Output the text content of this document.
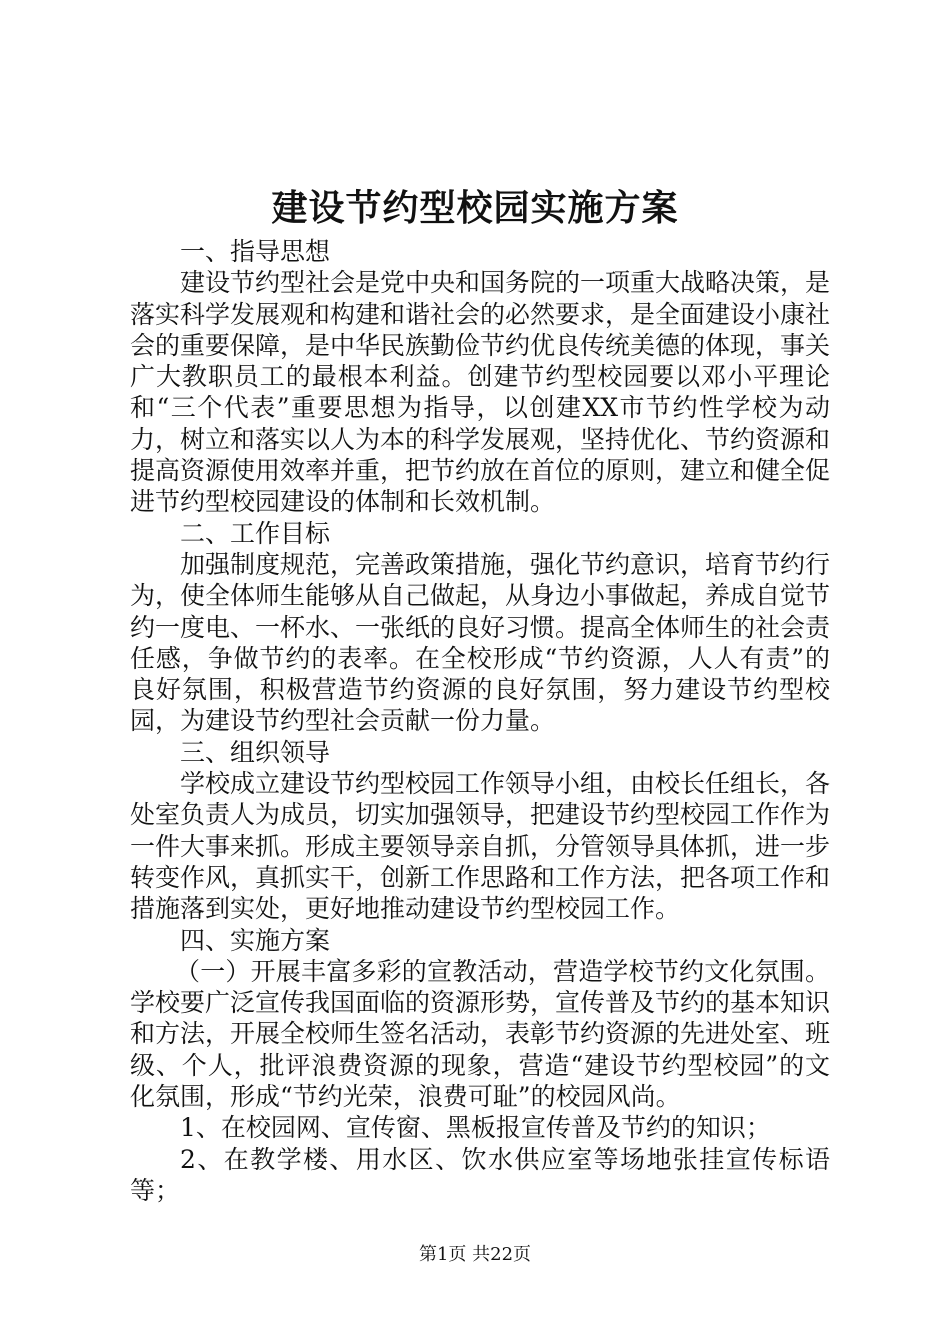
建设节约型校园实施方案

一、指导思想

建设节约型社会是党中央和国务院的一项重大战略决策，是落实科学发展观和构建和谐社会的必然要求，是全面建设小康社会的重要保障，是中华民族勤俭节约优良传统美德的体现，事关广大教职员工的最根本利益。创建节约型校园要以邓小平理论和“三个代表”重要思想为指导，以创建XX市节约性学校为动力，树立和落实以人为本的科学发展观，坚持优化、节约资源和提高资源使用效率并重，把节约放在首位的原则，建立和健全促进节约型校园建设的体制和长效机制。

二、工作目标

加强制度规范，完善政策措施，强化节约意识，培育节约行为，使全体师生能够从自己做起，从身边小事做起，养成自觉节约一度电、一杯水、一张纸的良好习惯。提高全体师生的社会责任感，争做节约的表率。在全校形成“节约资源，人人有责”的良好氛围，积极营造节约资源的良好氛围，努力建设节约型校园，为建设节约型社会贡献一份力量。

三、组织领导

学校成立建设节约型校园工作领导小组，由校长任组长，各处室负责人为成员，切实加强领导，把建设节约型校园工作作为一件大事来抓。形成主要领导亲自抓，分管领导具体抓，进一步转变作风，真抓实干，创新工作思路和工作方法，把各项工作和措施落到实处，更好地推动建设节约型校园工作。

四、实施方案

（一）开展丰富多彩的宣教活动，营造学校节约文化氛围。学校要广泛宣传我国面临的资源形势，宣传普及节约的基本知识和方法，开展全校师生签名活动，表彰节约资源的先进处室、班级、个人，批评浪费资源的现象，营造“建设节约型校园”的文化氛围，形成“节约光荣，浪费可耻”的校园风尚。

1、在校园网、宣传窗、黑板报宣传普及节约的知识；

2、在教学楼、用水区、饮水供应室等场地张挂宣传标语等；

第1页 共22页
